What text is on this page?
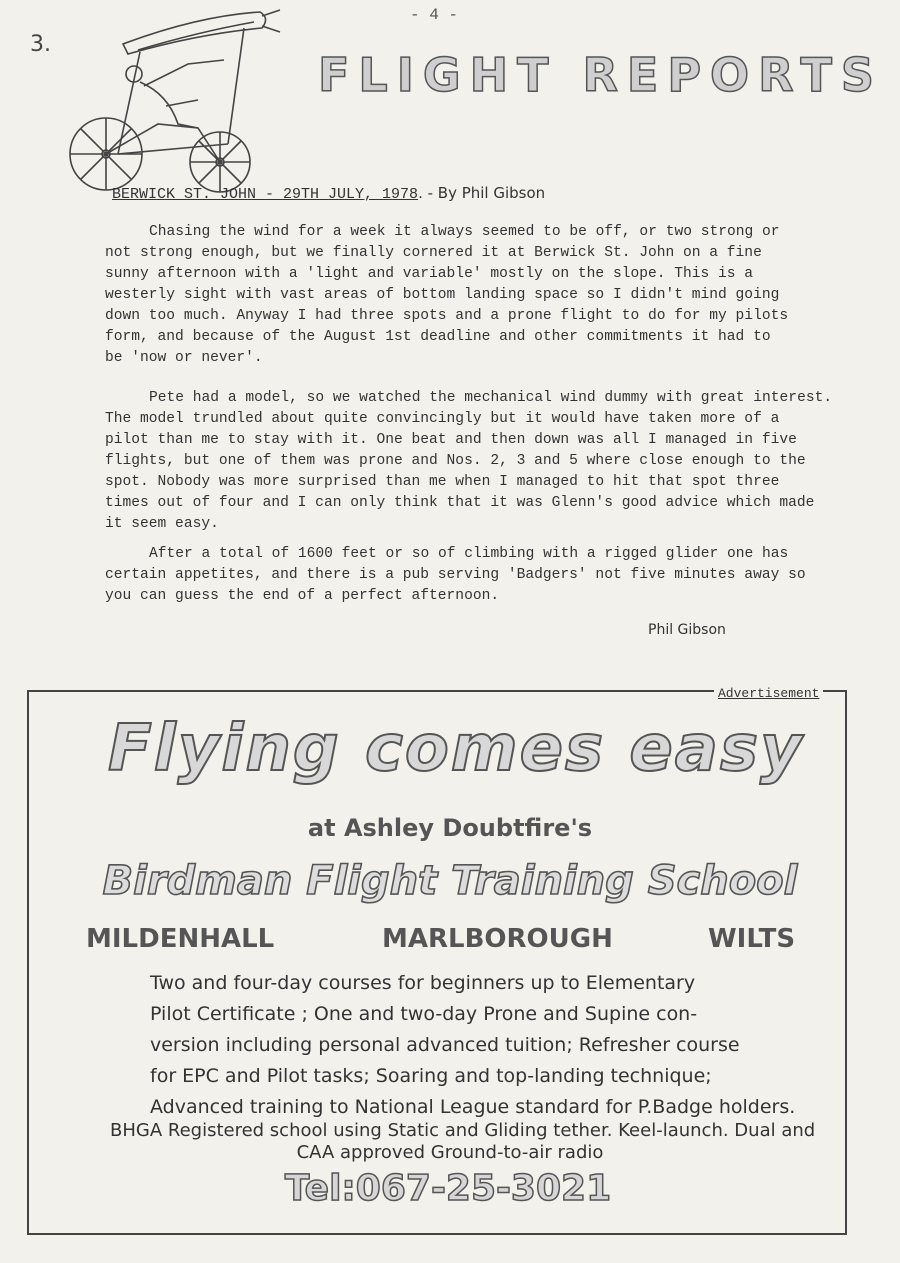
- 4 -
3.
FLIGHT REPORTS

BERWICK ST. JOHN - 29TH JULY, 1978. - By Phil Gibson

Chasing the wind for a week it always seemed to be off, or two strong or
not strong enough, but we finally cornered it at Berwick St. John on a fine
sunny afternoon with a 'light and variable' mostly on the slope. This is a
westerly sight with vast areas of bottom landing space so I didn't mind going
down too much. Anyway I had three spots and a prone flight to do for my pilots
form, and because of the August 1st deadline and other commitments it had to
be 'now or never'.

Pete had a model, so we watched the mechanical wind dummy with great interest.
The model trundled about quite convincingly but it would have taken more of a
pilot than me to stay with it. One beat and then down was all I managed in five
flights, but one of them was prone and Nos. 2, 3 and 5 where close enough to the
spot. Nobody was more surprised than me when I managed to hit that spot three
times out of four and I can only think that it was Glenn's good advice which made
it seem easy.

After a total of 1600 feet or so of climbing with a rigged glider one has
certain appetites, and there is a pub serving 'Badgers' not five minutes away so
you can guess the end of a perfect afternoon.

Phil Gibson
Advertisement
Flying comes easy
at Ashley Doubtfire's
Birdman Flight Training School
MILDENHALL	MARLBOROUGH	WILTS
Two and four-day courses for beginners up to Elementary
Pilot Certificate ; One and two-day Prone and Supine con-
version including personal advanced tuition; Refresher course
for EPC and Pilot tasks; Soaring and top-landing technique;
Advanced training to National League standard for P.Badge holders.
BHGA Registered school using Static and Gliding tether. Keel-launch. Dual and
CAA approved Ground-to-air radio
Tel:067-25-3021
